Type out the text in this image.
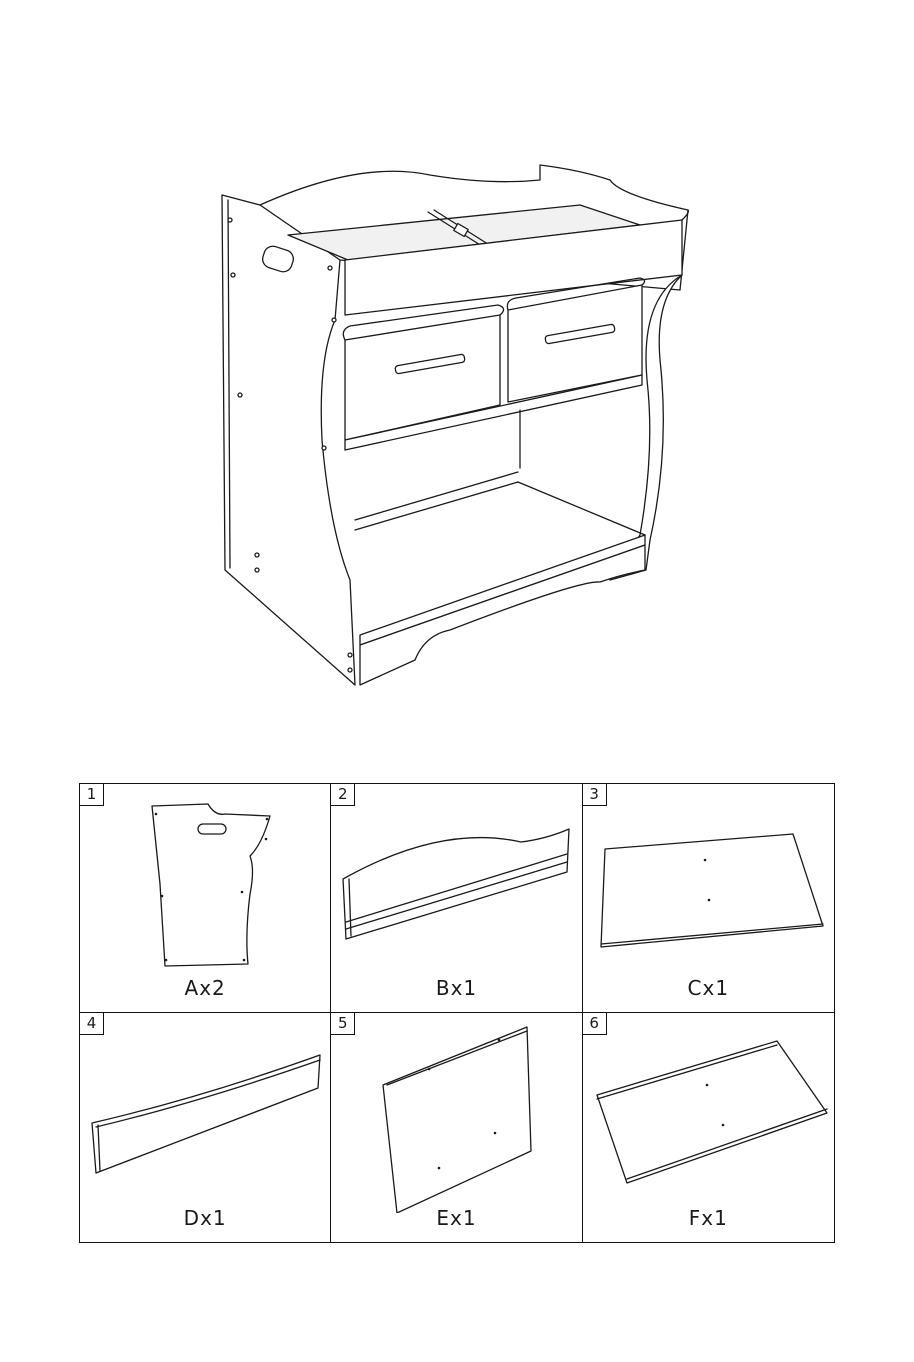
1
Ax2
2
Bx1
3
Cx1
4
Dx1
5
Ex1
6
Fx1
